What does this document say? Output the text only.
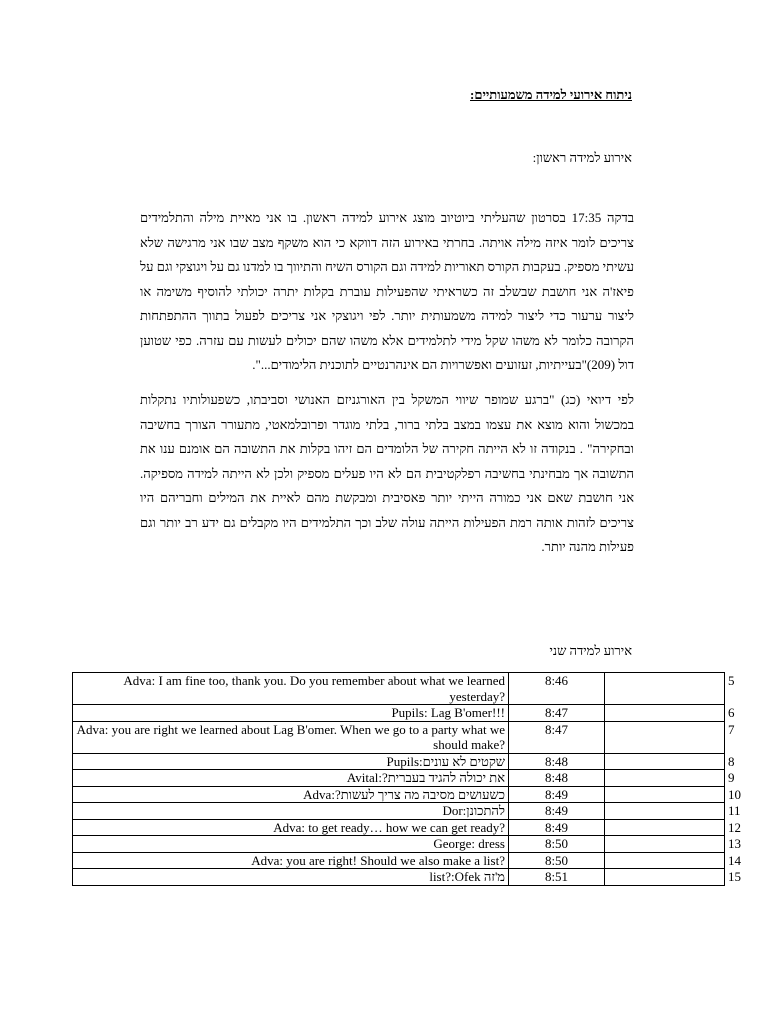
ניתוח אירועי למידה משמעותיים:
אירוע למידה ראשון:
בדקה 17:35 בסרטון שהעליתי ביוטיוב מוצג אירוע למידה ראשון. בו אני מאיית מילה והתלמידים צריכים לומר איזה מילה אויתה. בחרתי באירוע הזה דווקא כי הוא משקף מצב שבו אני מרגישה שלא עשיתי מספיק. בעקבות הקורס תאוריות למידה וגם הקורס השיח והתיווך בו למדנו גם על ויגוצקי וגם על פיאז'ה אני חושבת שבשלב זה כשראיתי שהפעילות עוברת בקלות יתרה יכולתי להוסיף משימה או ליצור ערעור כדי ליצור למידה משמעותית יותר. לפי ויגוצקי אני צריכים לפעול בתווך ההתפתחות הקרובה כלומר לא משהו שקל מידי לתלמידים אלא משהו שהם יכולים לעשות עם עזרה. כפי שטוען דול (209)"בעייתיות, זעזועים ואפשרויות הם אינהרנטיים לתוכנית הלימודים...".
לפי דיואי (כג) "ברגע שמופר שיווי המשקל בין האורגניזם האנושי וסביבתו, כשפעולותיו נתקלות במכשול והוא מוצא את עצמו במצב בלתי ברור, בלתי מוגדר ופרובלמאטי, מתעורר הצורך בחשיבה ובחקירה" . בנקודה זו לא הייתה חקירה של הלומדים הם זיהו בקלות את התשובה הם אומנם ענו את התשובה אך מבחינתי בחשיבה רפלקטיבית הם לא היו פעלים מספיק ולכן לא הייתה למידה מספיקה. אני חושבת שאם אני כמורה הייתי יותר פאסיבית ומבקשת מהם לאיית את המילים וחבריהם היו צריכים לזהות אותה רמת הפעילות הייתה עולה שלב וכך התלמידים היו מקבלים גם ידע רב יותר וגם פעילות מהנה יותר.
אירוע למידה שני
Adva: I am fine too, thank you. Do you remember about what we learned yesterday?	8:46		5
Pupils: Lag B'omer!!!	8:47		6
Adva: you are right we learned about Lag B'omer. When we go to a party what we should make?	8:47		7
שקטים לא עונים:Pupils	8:48		8
את יכולה להגיד בעברית?:Avital	8:48		9
כשעושים מסיבה מה צריך לעשות?:Adva	8:49		10
להתכונן:Dor	8:49		11
Adva: to get ready… how we can get ready?	8:49		12
George: dress	8:50		13
Adva: you are right! Should we also make a list?	8:50		14
מ'זה list?:Ofek	8:51		15
